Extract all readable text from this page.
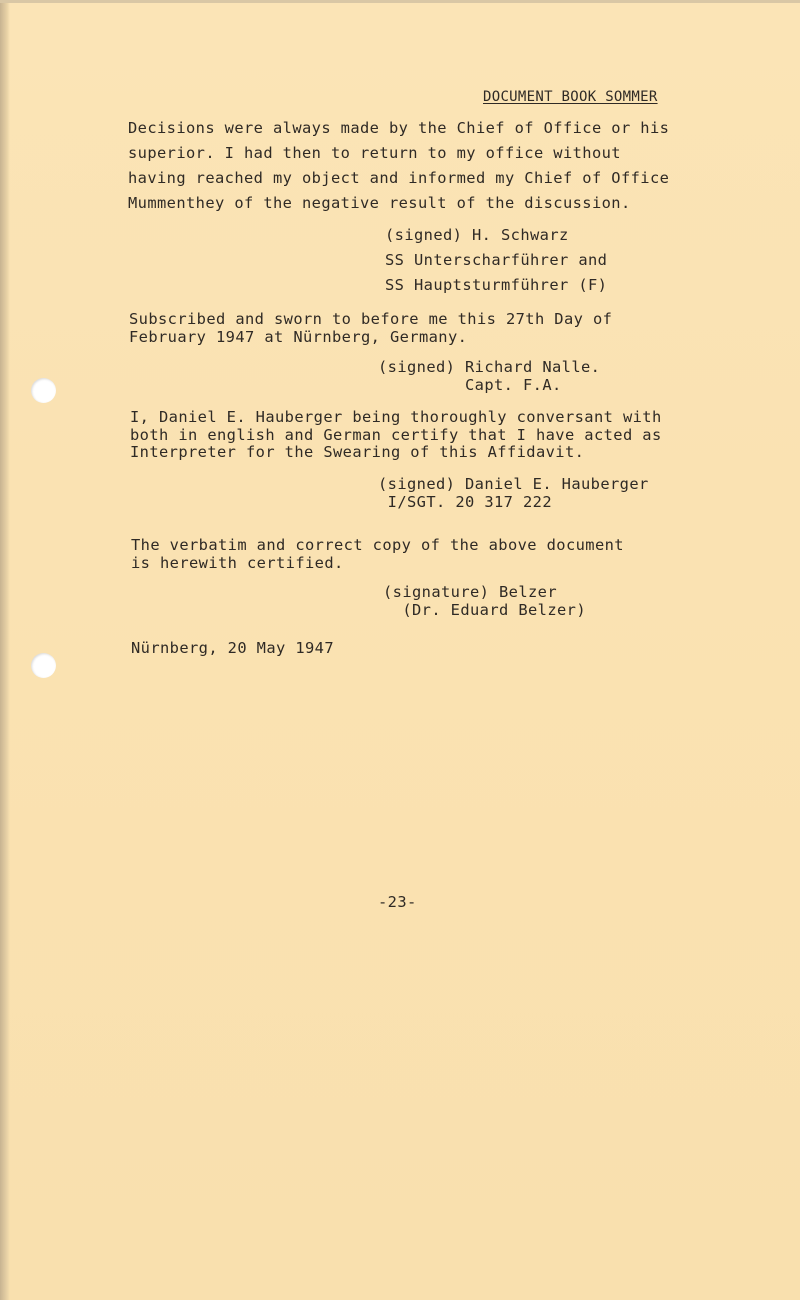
DOCUMENT BOOK SOMMER
Decisions were always made by the Chief of Office or his
superior. I had then to return to my office without
having reached my object and informed my Chief of Office
Mummenthey of the negative result of the discussion.
(signed) H. Schwarz
SS Unterscharführer and
SS Hauptsturmführer (F)
Subscribed and sworn to before me this 27th Day of
February 1947 at Nürnberg, Germany.
(signed) Richard Nalle.
Capt. F.A.
I, Daniel E. Hauberger being thoroughly conversant with
both in english and German certify that I have acted as
Interpreter for the Swearing of this Affidavit.
(signed) Daniel E. Hauberger
I/SGT. 20 317 222
The verbatim and correct copy of the above document
is herewith certified.
(signature) Belzer
(Dr. Eduard Belzer)
Nürnberg, 20 May 1947
-23-
